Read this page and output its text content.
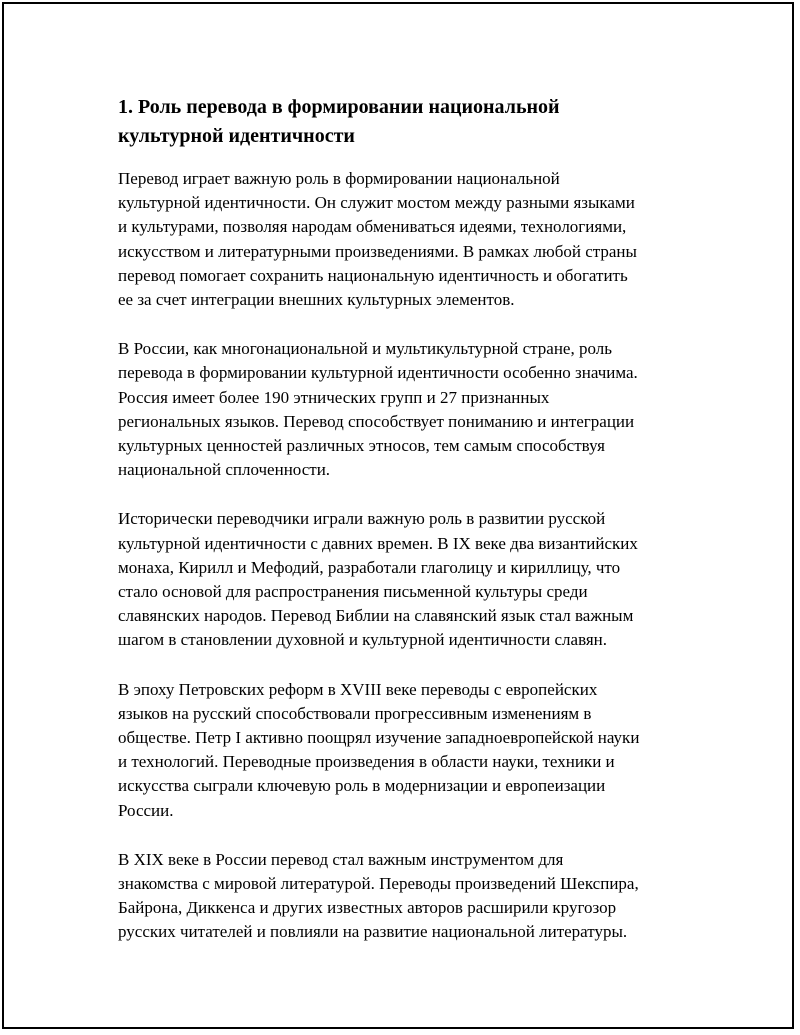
1. Роль перевода в формировании национальной
культурной идентичности

Перевод играет важную роль в формировании национальной
культурной идентичности. Он служит мостом между разными языками
и культурами, позволяя народам обмениваться идеями, технологиями,
искусством и литературными произведениями. В рамках любой страны
перевод помогает сохранить национальную идентичность и обогатить
ее за счет интеграции внешних культурных элементов.

В России, как многонациональной и мультикультурной стране, роль
перевода в формировании культурной идентичности особенно значима.
Россия имеет более 190 этнических групп и 27 признанных
региональных языков. Перевод способствует пониманию и интеграции
культурных ценностей различных этносов, тем самым способствуя
национальной сплоченности.

Исторически переводчики играли важную роль в развитии русской
культурной идентичности с давних времен. В IX веке два византийских
монаха, Кирилл и Мефодий, разработали глаголицу и кириллицу, что
стало основой для распространения письменной культуры среди
славянских народов. Перевод Библии на славянский язык стал важным
шагом в становлении духовной и культурной идентичности славян.

В эпоху Петровских реформ в XVIII веке переводы с европейских
языков на русский способствовали прогрессивным изменениям в
обществе. Петр I активно поощрял изучение западноевропейской науки
и технологий. Переводные произведения в области науки, техники и
искусства сыграли ключевую роль в модернизации и европеизации
России.

В XIX веке в России перевод стал важным инструментом для
знакомства с мировой литературой. Переводы произведений Шекспира,
Байрона, Диккенса и других известных авторов расширили кругозор
русских читателей и повлияли на развитие национальной литературы.
